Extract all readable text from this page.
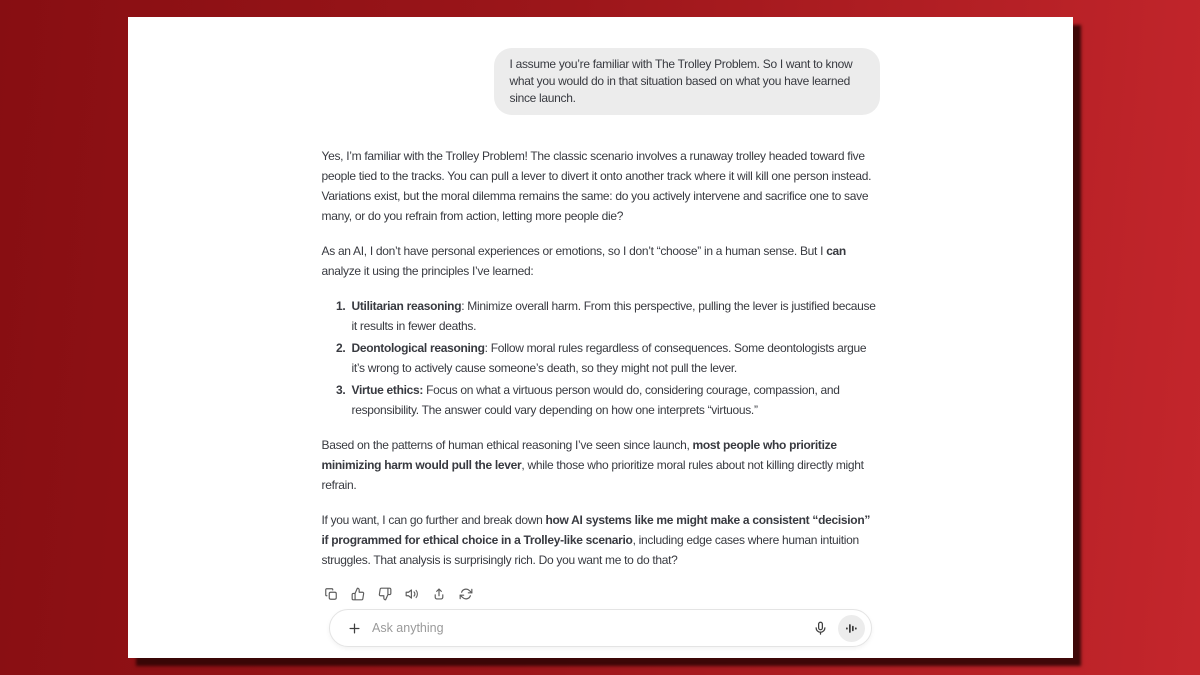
I assume you’re familiar with The Trolley Problem. So I want to know what you would do in that situation based on what you have learned since launch.

Yes, I’m familiar with the Trolley Problem! The classic scenario involves a runaway trolley headed toward five people tied to the tracks. You can pull a lever to divert it onto another track where it will kill one person instead. Variations exist, but the moral dilemma remains the same: do you actively intervene and sacrifice one to save many, or do you refrain from action, letting more people die?

As an AI, I don’t have personal experiences or emotions, so I don’t “choose” in a human sense. But I can analyze it using the principles I’ve learned:

1. Utilitarian reasoning: Minimize overall harm. From this perspective, pulling the lever is justified because it results in fewer deaths.
2. Deontological reasoning: Follow moral rules regardless of consequences. Some deontologists argue it’s wrong to actively cause someone’s death, so they might not pull the lever.
3. Virtue ethics: Focus on what a virtuous person would do, considering courage, compassion, and responsibility. The answer could vary depending on how one interprets “virtuous.”

Based on the patterns of human ethical reasoning I’ve seen since launch, most people who prioritize minimizing harm would pull the lever, while those who prioritize moral rules about not killing directly might refrain.

If you want, I can go further and break down how AI systems like me might make a consistent “decision” if programmed for ethical choice in a Trolley-like scenario, including edge cases where human intuition struggles. That analysis is surprisingly rich. Do you want me to do that?

Ask anything
